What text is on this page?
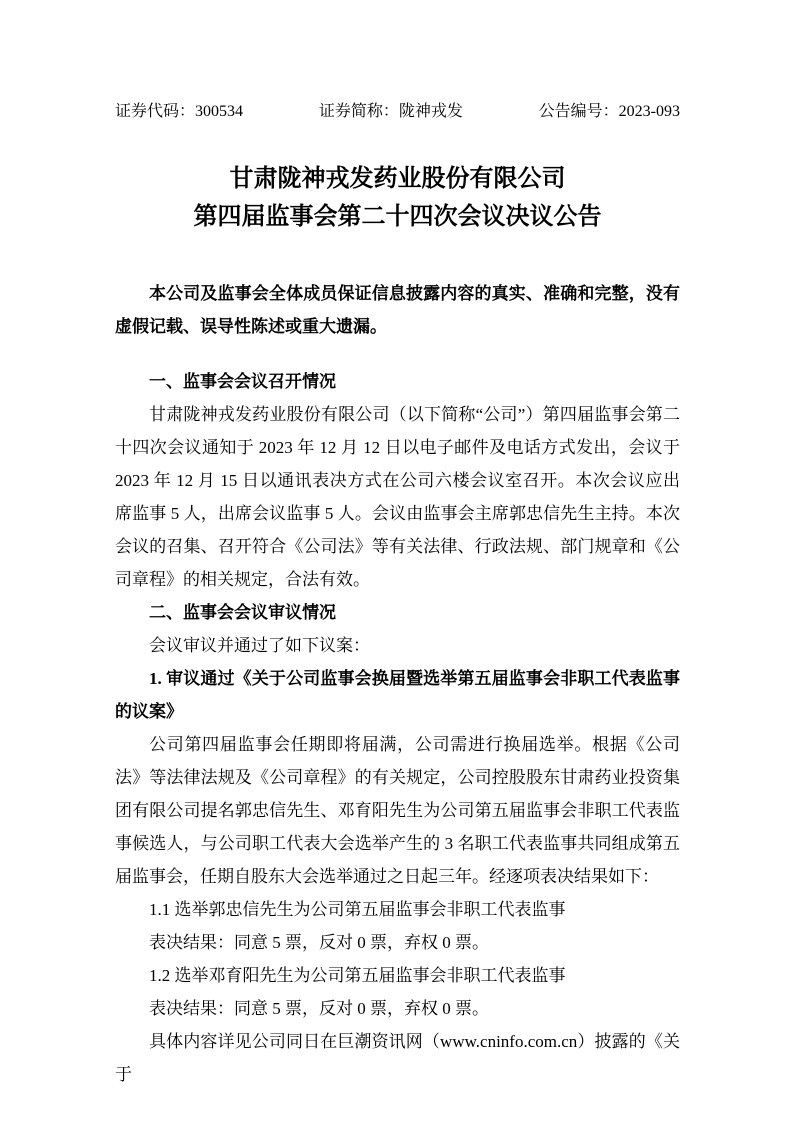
证券代码：300534	证券简称：陇神戎发	公告编号：2023-093
甘肃陇神戎发药业股份有限公司
第四届监事会第二十四次会议决议公告

本公司及监事会全体成员保证信息披露内容的真实、准确和完整，没有虚假记载、误导性陈述或重大遗漏。

一、监事会会议召开情况

甘肃陇神戎发药业股份有限公司（以下简称“公司”）第四届监事会第二十四次会议通知于 2023 年 12 月 12 日以电子邮件及电话方式发出，会议于 2023 年 12 月 15 日以通讯表决方式在公司六楼会议室召开。本次会议应出席监事 5 人，出席会议监事 5 人。会议由监事会主席郭忠信先生主持。本次会议的召集、召开符合《公司法》等有关法律、行政法规、部门规章和《公司章程》的相关规定，合法有效。

二、监事会会议审议情况

会议审议并通过了如下议案：

1. 审议通过《关于公司监事会换届暨选举第五届监事会非职工代表监事的议案》

公司第四届监事会任期即将届满，公司需进行换届选举。根据《公司法》等法律法规及《公司章程》的有关规定，公司控股股东甘肃药业投资集团有限公司提名郭忠信先生、邓育阳先生为公司第五届监事会非职工代表监事候选人，与公司职工代表大会选举产生的 3 名职工代表监事共同组成第五届监事会，任期自股东大会选举通过之日起三年。经逐项表决结果如下：

1.1 选举郭忠信先生为公司第五届监事会非职工代表监事

表决结果：同意 5 票，反对 0 票，弃权 0 票。

1.2 选举邓育阳先生为公司第五届监事会非职工代表监事

表决结果：同意 5 票，反对 0 票，弃权 0 票。

具体内容详见公司同日在巨潮资讯网（www.cninfo.com.cn）披露的《关于
